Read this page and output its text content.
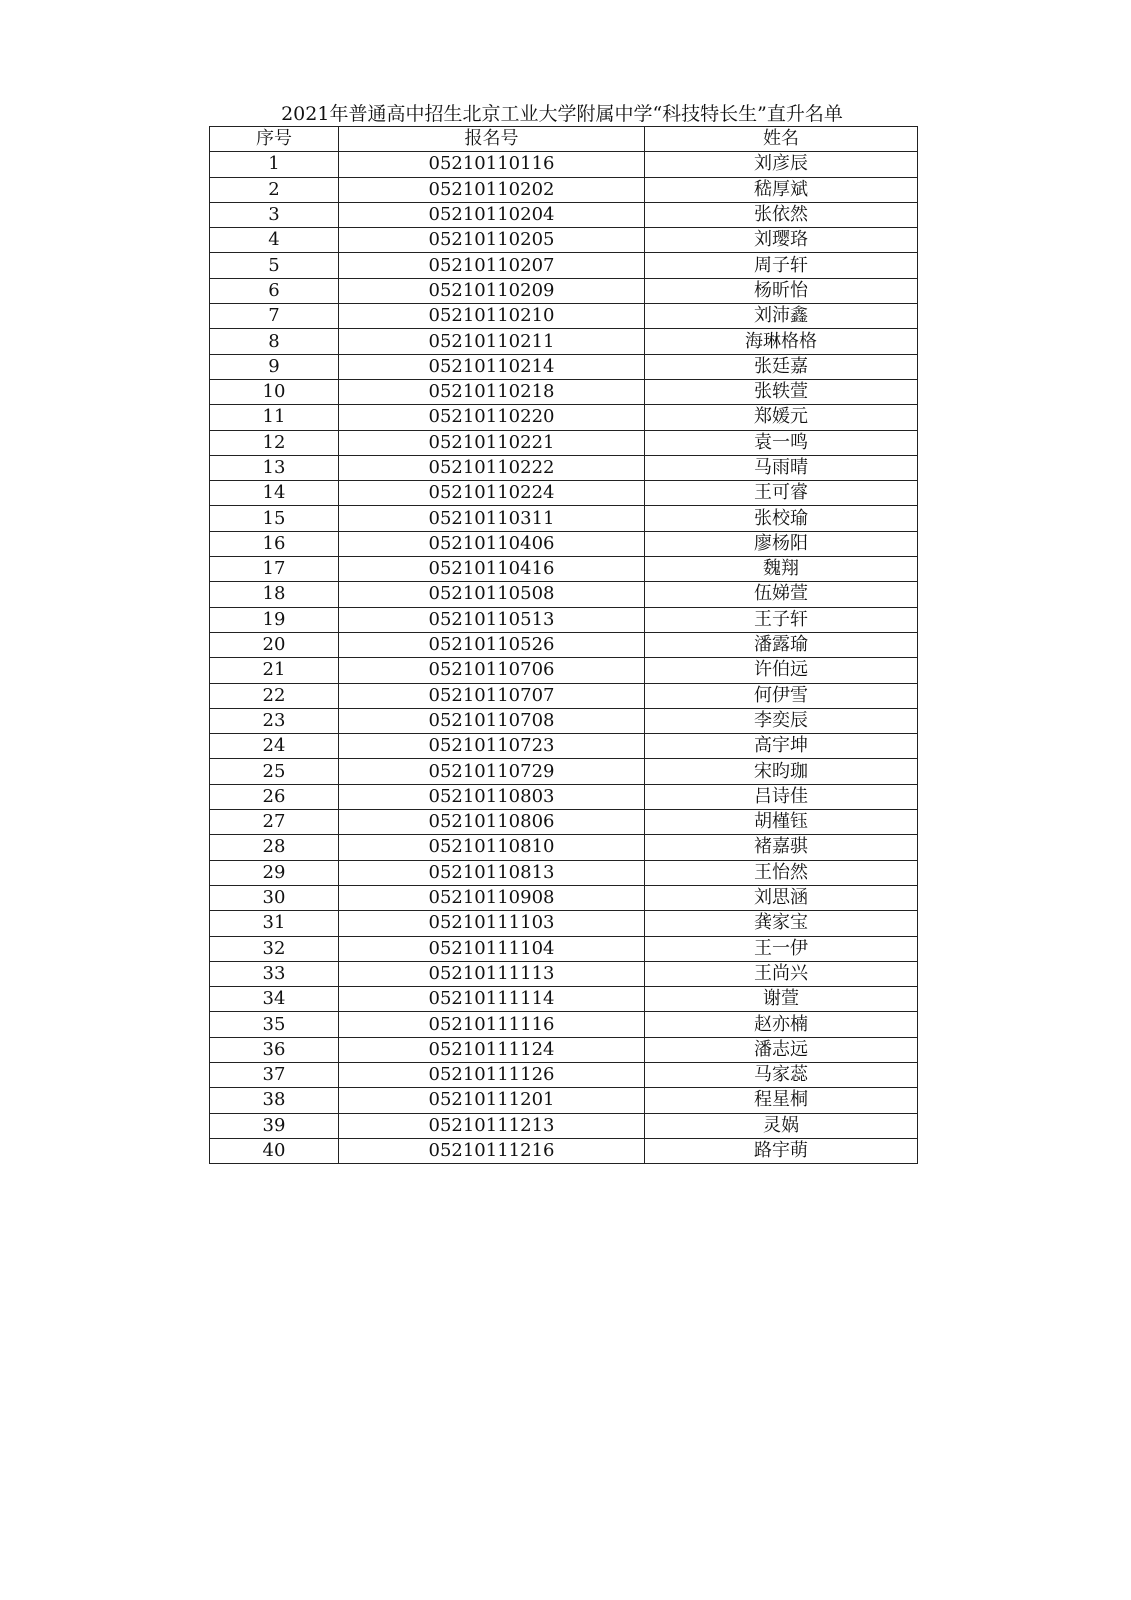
2021年普通高中招生北京工业大学附属中学“科技特长生”直升名单
序号	报名号	姓名
1	05210110116	刘彦辰
2	05210110202	嵇厚斌
3	05210110204	张依然
4	05210110205	刘璎珞
5	05210110207	周子轩
6	05210110209	杨昕怡
7	05210110210	刘沛鑫
8	05210110211	海琳格格
9	05210110214	张廷嘉
10	05210110218	张轶萱
11	05210110220	郑媛元
12	05210110221	袁一鸣
13	05210110222	马雨晴
14	05210110224	王可睿
15	05210110311	张校瑜
16	05210110406	廖杨阳
17	05210110416	魏翔
18	05210110508	伍娣萱
19	05210110513	王子轩
20	05210110526	潘露瑜
21	05210110706	许伯远
22	05210110707	何伊雪
23	05210110708	李奕辰
24	05210110723	高宇坤
25	05210110729	宋昀珈
26	05210110803	吕诗佳
27	05210110806	胡槿钰
28	05210110810	褚嘉骐
29	05210110813	王怡然
30	05210110908	刘思涵
31	05210111103	龚家宝
32	05210111104	王一伊
33	05210111113	王尚兴
34	05210111114	谢萱
35	05210111116	赵亦楠
36	05210111124	潘志远
37	05210111126	马家蕊
38	05210111201	程星桐
39	05210111213	灵娲
40	05210111216	路宇萌
